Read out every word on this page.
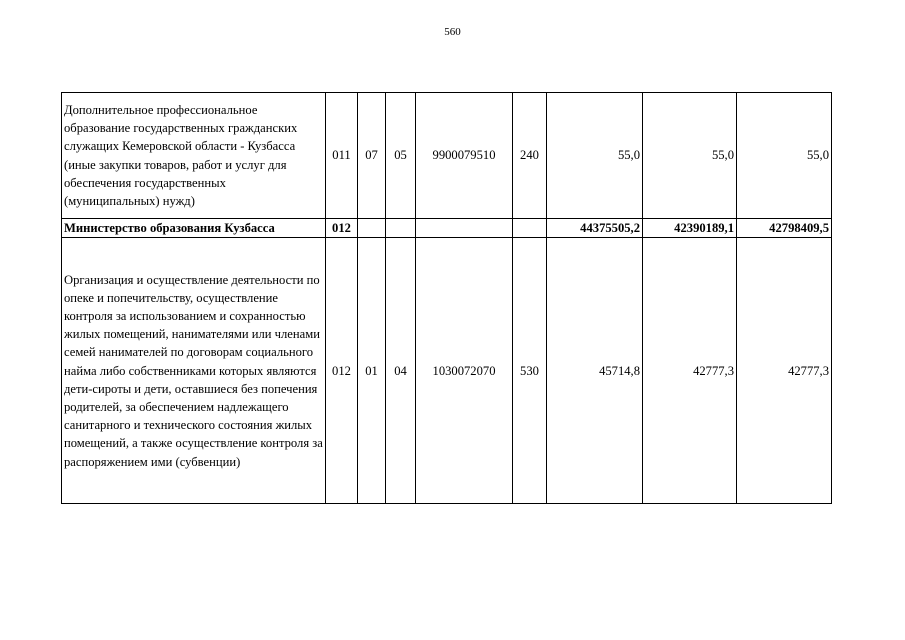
560
Дополнительное профессиональное образование государственных гражданских служащих Кемеровской области - Кузбасса (иные закупки товаров, работ и услуг для обеспечения государственных (муниципальных) нужд)	011	07	05	9900079510	240	55,0	55,0	55,0
Министерство образования Кузбасса	012					44375505,2	42390189,1	42798409,5
Организация и осуществление деятельности по опеке и попечительству, осуществление контроля за использованием и сохранностью жилых помещений, нанимателями или членами семей нанимателей по договорам социального найма либо собственниками которых являются дети-сироты и дети, оставшиеся без попечения родителей, за обеспечением надлежащего санитарного и технического состояния жилых помещений, а также осуществление контроля за распоряжением ими (субвенции)	012	01	04	1030072070	530	45714,8	42777,3	42777,3
